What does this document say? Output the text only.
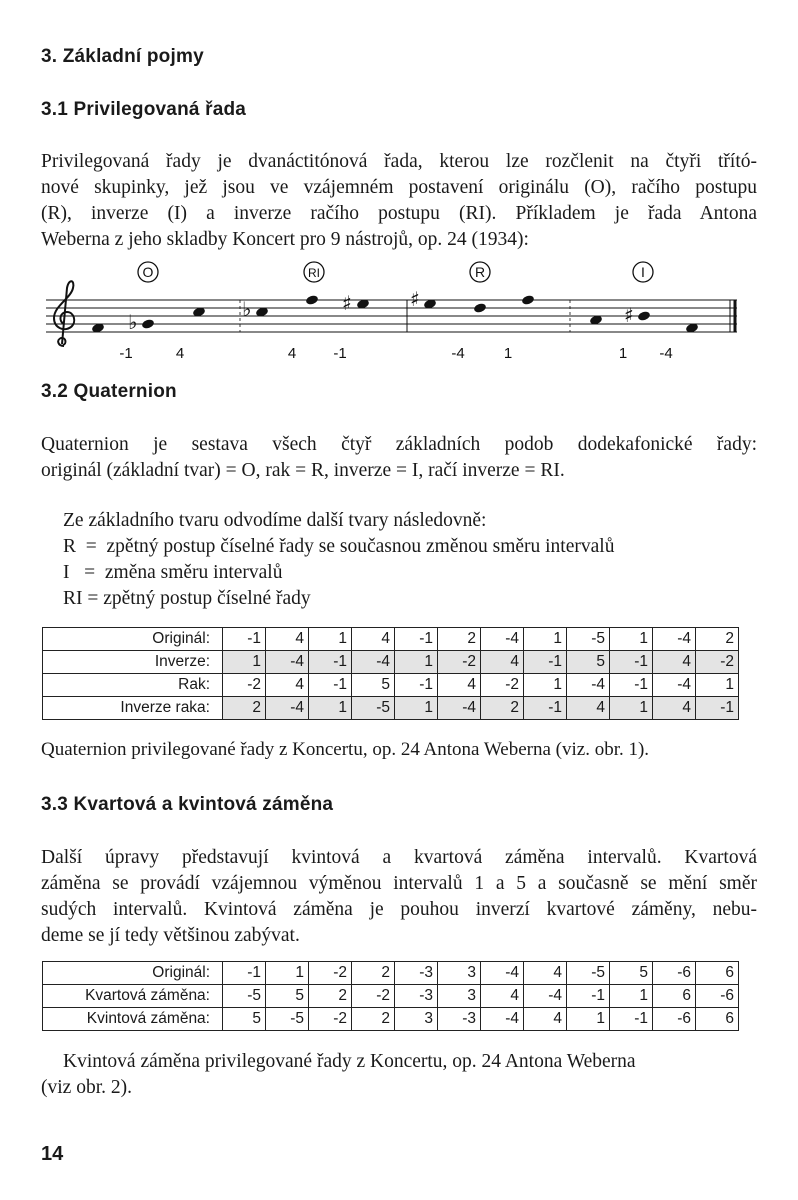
3. Základní pojmy
3.1 Privilegovaná řada
Privilegovaná řady je dvanáctitónová řada, kterou lze rozčlenit na čtyři třító-
nové skupinky, jež jsou ve vzájemném postavení originálu (O), račího postupu
(R), inverze (I) a inverze račího postupu (RI). Příkladem je řada Antona
Weberna z jeho skladby Koncert pro 9 nástrojů, op. 24 (1934):
O	RI	R	I
♭
♭	♯	♯
♯
-1	4	4 -1	-4	1	1 -4
3.2 Quaternion
Quaternion je sestava všech čtyř základních podob dodekafonické řady:
originál (základní tvar) = O, rak = R, inverze = I, račí inverze = RI.
Ze základního tvaru odvodíme další tvary následovně:
R  =  zpětný postup číselné řady se současnou změnou směru intervalů
I   =  změna směru intervalů
RI = zpětný postup číselné řady
Originál:	-1	4	1	4	-1	2	-4	1	-5	1	-4	2
Inverze:	1	-4	-1	-4	1	-2	4	-1	5	-1	4	-2
Rak:	-2	4	-1	5	-1	4	-2	1	-4	-1	-4	1
Inverze raka:	2	-4	1	-5	1	-4	2	-1	4	1	4	-1
Quaternion privilegované řady z Koncertu, op. 24 Antona Weberna (viz. obr. 1).
3.3 Kvartová a kvintová záměna
Další úpravy představují kvintová a kvartová záměna intervalů. Kvartová
záměna se provádí vzájemnou výměnou intervalů 1 a 5 a současně se mění směr
sudých intervalů. Kvintová záměna je pouhou inverzí kvartové záměny, nebu-
deme se jí tedy většinou zabývat.
Originál:	-1	1	-2	2	-3	3	-4	4	-5	5	-6	6
Kvartová záměna:	-5	5	2	-2	-3	3	4	-4	-1	1	6	-6
Kvintová záměna:	5	-5	-2	2	3	-3	-4	4	1	-1	-6	6
Kvintová záměna privilegované řady z Koncertu, op. 24 Antona Weberna
(viz obr. 2).
14
